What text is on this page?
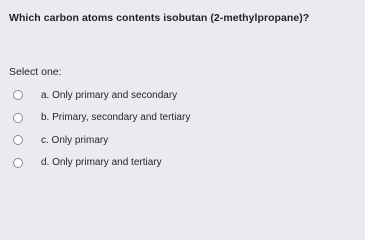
Which carbon atoms contents isobutan (2-methylpropane)?
Select one:
a. Only primary and secondary
b. Primary, secondary and tertiary
c. Only primary
d. Only primary and tertiary
